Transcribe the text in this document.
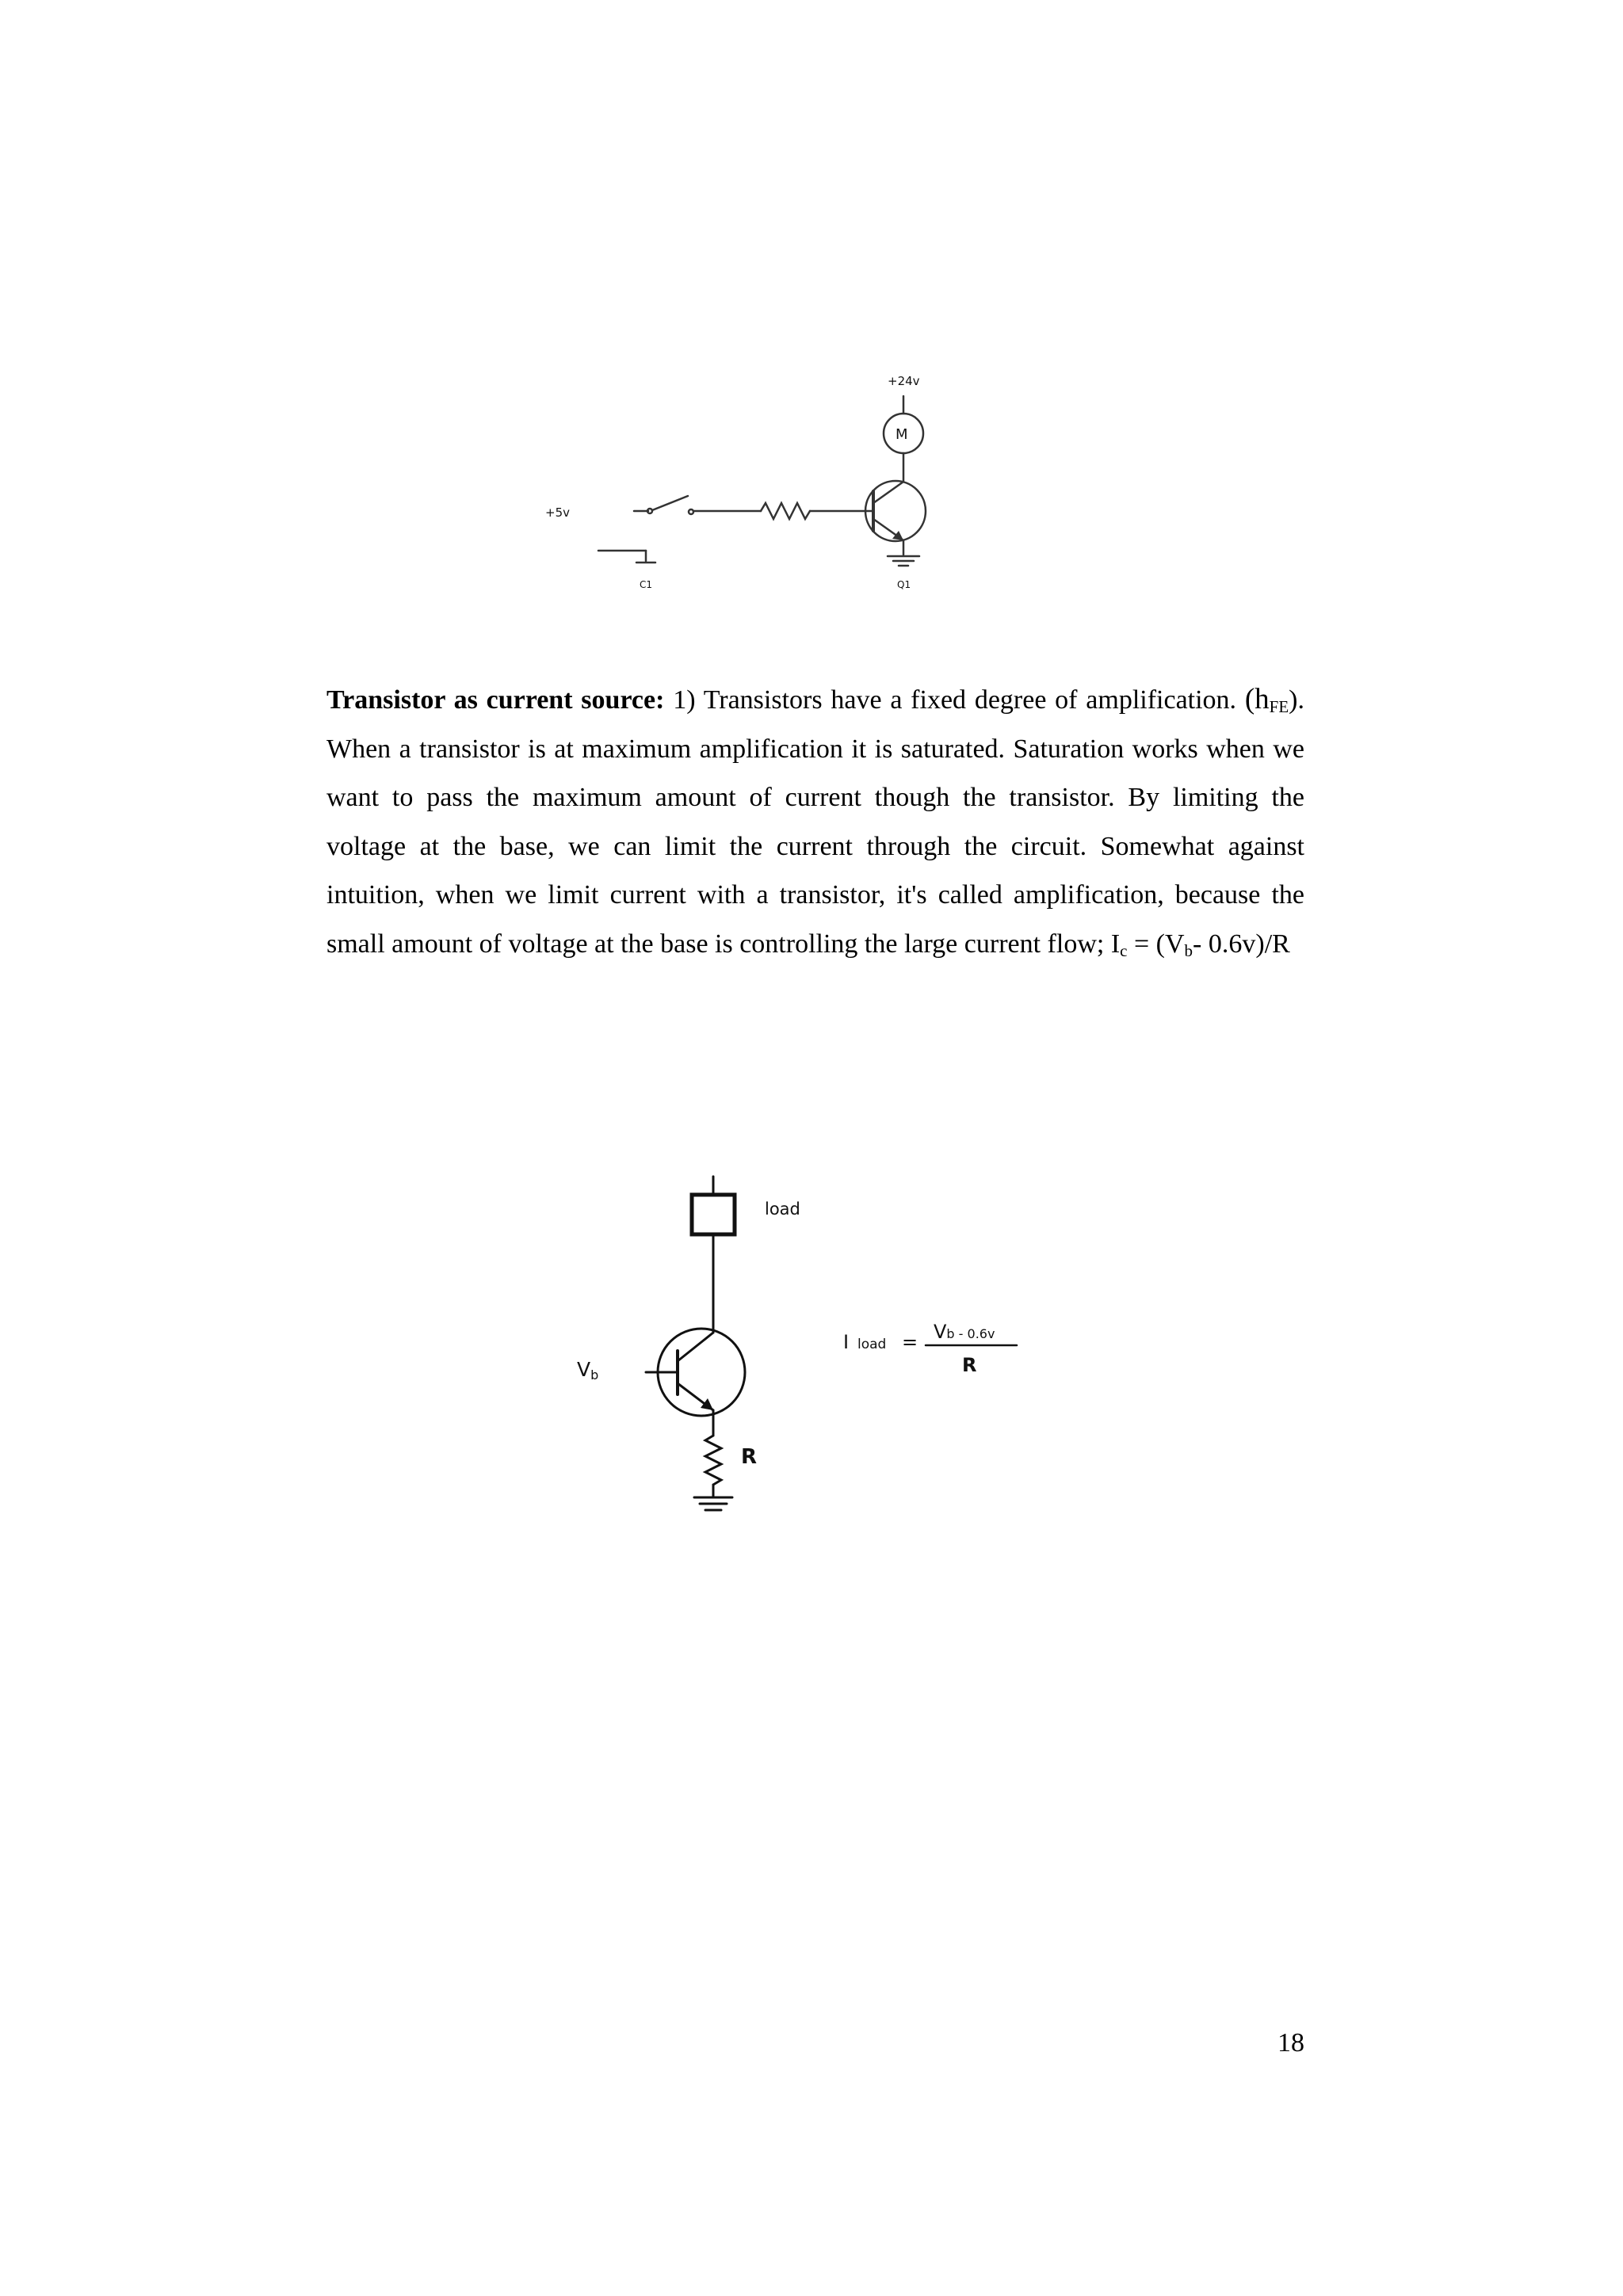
+24v
M
+5v
C1	Q1

Transistor as current source: 1) Transistors have a fixed degree of amplification. $(h_{FE})$. When a transistor is at maximum amplification it is saturated. Saturation works when we want to pass the maximum amount of current though the transistor. By limiting the voltage at the base, we can limit the current through the circuit. Somewhat against intuition, when we limit current with a transistor, it's called amplification, because the small amount of voltage at the base is controlling the large current flow; $I_c = (V_b-$ 0.6v)/R

load
Vb
R
I load = Vb - 0.6v
R
18
